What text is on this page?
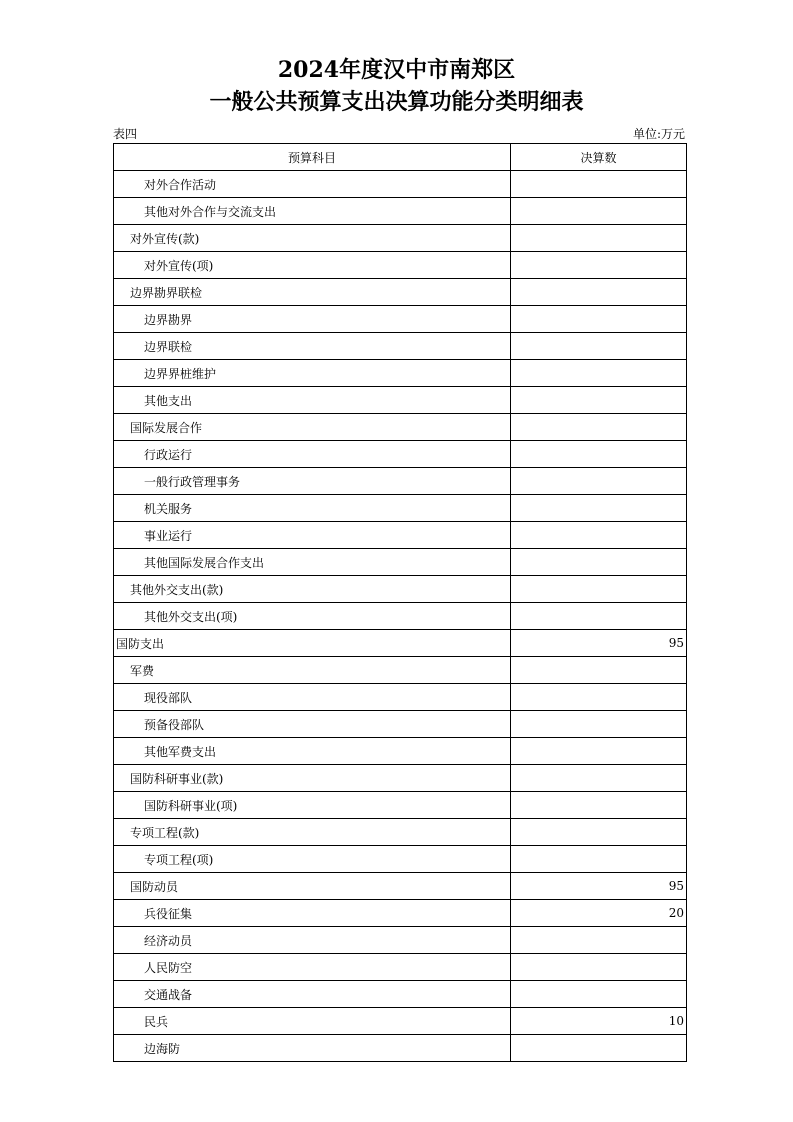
2024年度汉中市南郑区
一般公共预算支出决算功能分类明细表
表四	单位:万元
预算科目	决算数
对外合作活动	
其他对外合作与交流支出	
对外宣传(款)	
对外宣传(项)	
边界勘界联检	
边界勘界	
边界联检	
边界界桩维护	
其他支出	
国际发展合作	
行政运行	
一般行政管理事务	
机关服务	
事业运行	
其他国际发展合作支出	
其他外交支出(款)	
其他外交支出(项)	
国防支出	95
军费	
现役部队	
预备役部队	
其他军费支出	
国防科研事业(款)	
国防科研事业(项)	
专项工程(款)	
专项工程(项)	
国防动员	95
兵役征集	20
经济动员	
人民防空	
交通战备	
民兵	10
边海防	
